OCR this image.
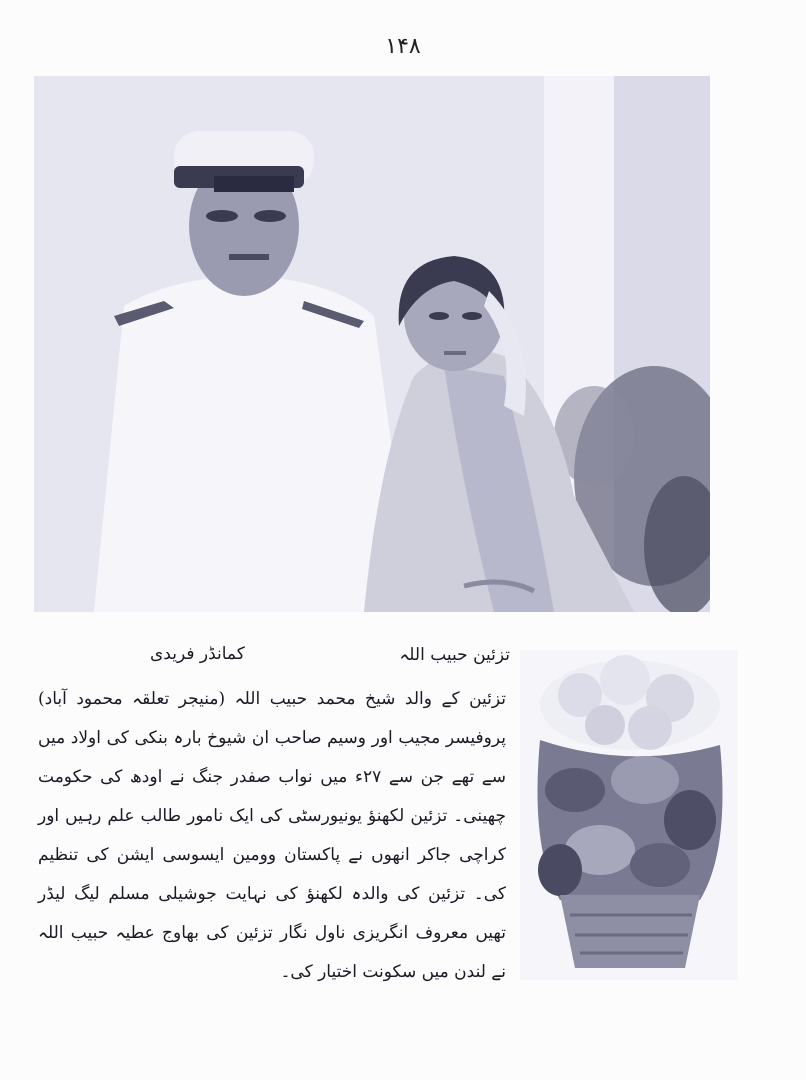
۱۴۸
تزئین حبیب اللہ
کمانڈر فریدی

تزئین کے والد شیخ محمد حبیب اللہ (منیجر تعلقہ محمود آباد) پروفیسر مجیب اور وسیم صاحب ان شیوخ بارہ بنکی کی اولاد میں سے تھے جن سے ۲۷ء میں نواب صفدر جنگ نے اودھ کی حکومت چھینی۔ تزئین لکھنؤ یونیورسٹی کی ایک نامور طالب علم رہیں اور کراچی جاکر انھوں نے پاکستان وومین ایسوسی ایشن کی تنظیم کی۔ تزئین کی والدہ لکھنؤ کی نہایت جوشیلی مسلم لیگ لیڈر تھیں معروف انگریزی ناول نگار تزئین کی بھاوج عطیہ حبیب اللہ نے لندن میں سکونت اختیار کی۔
